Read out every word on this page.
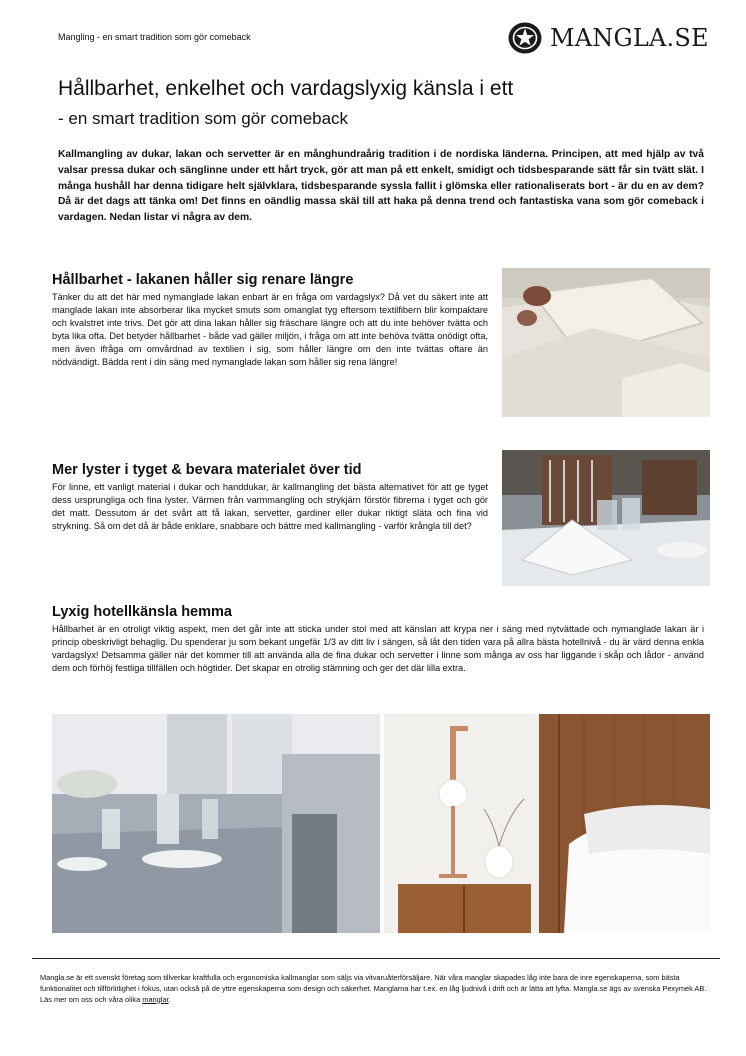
Mangling - en smart tradition som gör comeback	MANGLA.SE
Hållbarhet, enkelhet och vardagslyxig känsla i ett
- en smart tradition som gör comeback
Kallmangling av dukar, lakan och servetter är en månghundraårig tradition i de nordiska länderna. Principen, att med hjälp av två valsar pressa dukar och sänglinne under ett hårt tryck, gör att man på ett enkelt, smidigt och tidsbesparande sätt får sin tvätt slät. I många hushåll har denna tidigare helt självklara, tidsbesparande syssla fallit i glömska eller rationaliserats bort - är du en av dem? Då är det dags att tänka om! Det finns en oändlig massa skäl till att haka på denna trend och fantastiska vana som gör comeback i vardagen. Nedan listar vi några av dem.
Hållbarhet - lakanen håller sig renare längre
Tänker du att det här med nymanglade lakan enbart är en fråga om vardagslyx? Då vet du säkert inte att manglade lakan inte absorberar lika mycket smuts som omanglat tyg eftersom textilfibern blir kompaktare och kvalstret inte trivs. Det gör att dina lakan håller sig fräschare längre och att du inte behöver tvätta och byta lika ofta. Det betyder hållbarhet - både vad gäller miljön, i fråga om att inte behöva tvätta onödigt ofta, men även ifråga om omvårdnad av textilien i sig, som håller längre om den inte tvättas oftare än nödvändigt. Bädda rent i din säng med nymanglade lakan som håller sig rena längre!
Mer lyster i tyget & bevara materialet över tid
För linne, ett vanligt material i dukar och handdukar, är kallmangling det bästa alternativet för att ge tyget dess ursprungliga och fina lyster. Värmen från varmmangling och strykjärn förstör fibrerna i tyget och gör det matt. Dessutom är det svårt att få lakan, servetter, gardiner eller dukar riktigt släta och fina vid strykning. Så om det då är både enklare, snabbare och bättre med kallmangling - varför krångla till det?
Lyxig hotellkänsla hemma
Hållbarhet är en otroligt viktig aspekt, men det går inte att sticka under stol med att känslan att krypa ner i säng med nytvättade och nymanglade lakan är i princip obeskrivligt behaglig. Du spenderar ju som bekant ungefär 1/3 av ditt liv i sängen, så låt den tiden vara på allra bästa hotellnivå - du är värd denna enkla vardagslyx! Detsamma gäller när det kommer till att använda alla de fina dukar och servetter i linne som många av oss har liggande i skåp och lådor - använd dem och förhöj festliga tillfällen och högtider. Det skapar en otrolig stämning och ger det där lilla extra.
Mangla.se är ett svenskt företag som tillverkar kraftfulla och ergonomiska kallmanglar som säljs via vitvaruåterförsäljare. När våra manglar skapades låg inte bara de inre egenskaperna, som bästa funktionalitet och tillförlitlighet i fokus, utan också på de yttre egenskaperna som design och säkerhet. Manglarna har t.ex. en låg ljudnivå i drift och är lätta att lyfta. Mangla.se ägs av svenska Pexymek AB. Läs mer om oss och våra olika manglar.
